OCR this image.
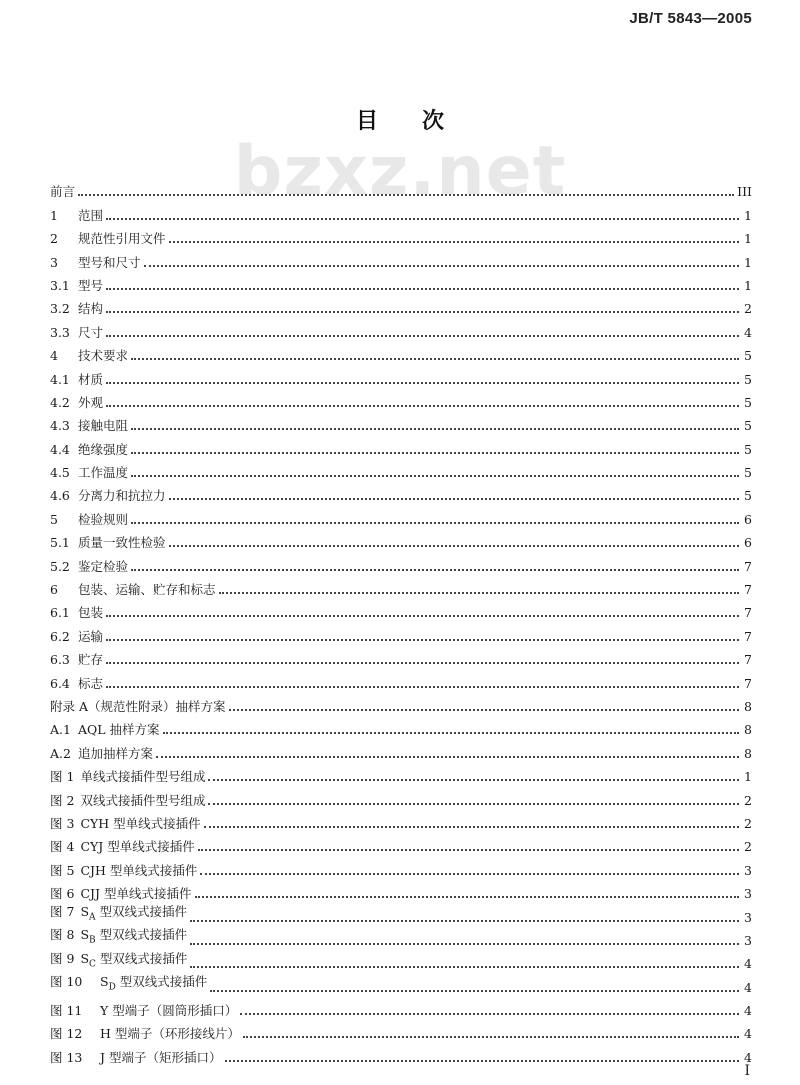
JB/T 5843—2005
bzxz.net
目 次
前言	III
1 范围	1
2 规范性引用文件	1
3 型号和尺寸	1
3.1 型号	1
3.2 结构	2
3.3 尺寸	4
4 技术要求	5
4.1 材质	5
4.2 外观	5
4.3 接触电阻	5
4.4 绝缘强度	5
4.5 工作温度	5
4.6 分离力和抗拉力	5
5 检验规则	6
5.1 质量一致性检验	6
5.2 鉴定检验	7
6 包装、运输、贮存和标志	7
6.1 包装	7
6.2 运输	7
6.3 贮存	7
6.4 标志	7
附录 A（规范性附录）抽样方案	8
A.1 AQL 抽样方案	8
A.2 追加抽样方案	8
图 1 单线式接插件型号组成	1
图 2 双线式接插件型号组成	2
图 3 CYH 型单线式接插件	2
图 4 CYJ 型单线式接插件	2
图 5 CJH 型单线式接插件	3
图 6 CJJ 型单线式接插件	3
图 7 $S_A$ 型双线式接插件	3
图 8 $S_B$ 型双线式接插件	3
图 9 $S_C$ 型双线式接插件	4
图 10 $S_D$ 型双线式接插件	4
图 11 Y 型端子（圆筒形插口）	4
图 12 H 型端子（环形接线片）	4
图 13 J 型端子（矩形插口）	4
I
